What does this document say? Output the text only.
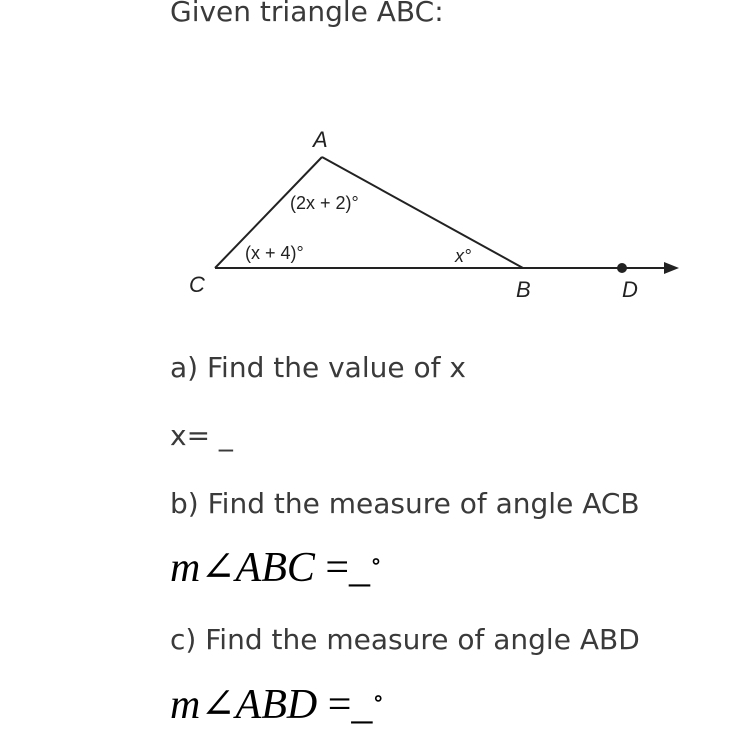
Given triangle ABC:
A
C	B	D
(2x + 2)°
(x + 4)°	x°
a) Find the value of x
x= _
b) Find the measure of angle ACB
m∠ABC =_∘
c) Find the measure of angle ABD
m∠ABD =_∘
